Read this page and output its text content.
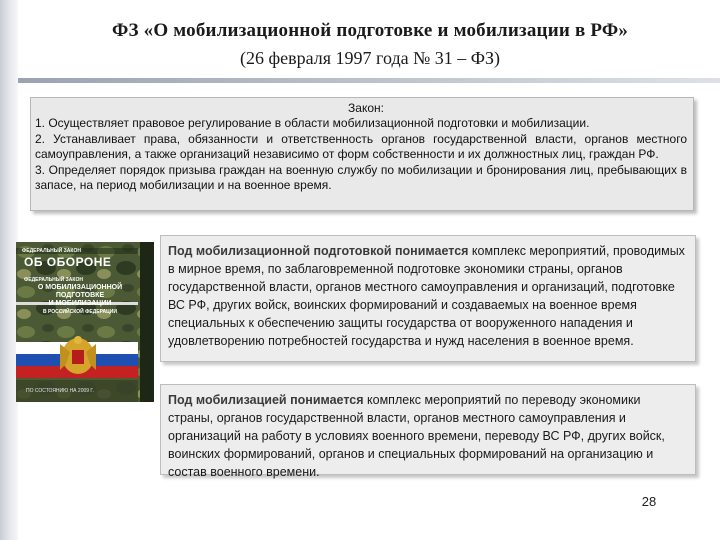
ФЗ «О мобилизационной подготовке и мобилизации в РФ»
(26 февраля 1997 года № 31 – ФЗ)
Закон:
1. Осуществляет правовое регулирование в области мобилизационной подготовки и мобилизации.
2. Устанавливает права, обязанности и ответственность органов государственной власти, органов местного самоуправления, а также организаций независимо от форм собственности и их должностных лиц, граждан РФ.
3. Определяет порядок призыва граждан на военную службу по мобилизации и бронирования лиц, пребывающих в запасе, на период мобилизации и на военное время.
ФЕДЕРАЛЬНЫЙ ЗАКОН
ОБ ОБОРОНЕ
ФЕДЕРАЛЬНЫЙ ЗАКОН
О МОБИЛИЗАЦИОННОЙ
ПОДГОТОВКЕ
И МОБИЛИЗАЦИИ
В РОССИЙСКОЙ ФЕДЕРАЦИИ
ПО СОСТОЯНИЮ НА 2009 Г.
Под мобилизационной подготовкой понимается комплекс мероприятий, проводимых в мирное время, по заблаговременной подготовке экономики страны, органов государственной власти, органов местного самоуправления и организаций, подготовке ВС РФ, других войск, воинских формирований и создаваемых на военное время специальных к обеспечению защиты государства от вооруженного нападения и удовлетворению потребностей государства и нужд населения в военное время.
Под мобилизацией понимается комплекс мероприятий по переводу экономики страны, органов государственной власти, органов местного самоуправления и организаций на работу в условиях военного времени, переводу ВС РФ, других войск, воинских формирований, органов и специальных формирований на организацию и состав военного времени.
28
